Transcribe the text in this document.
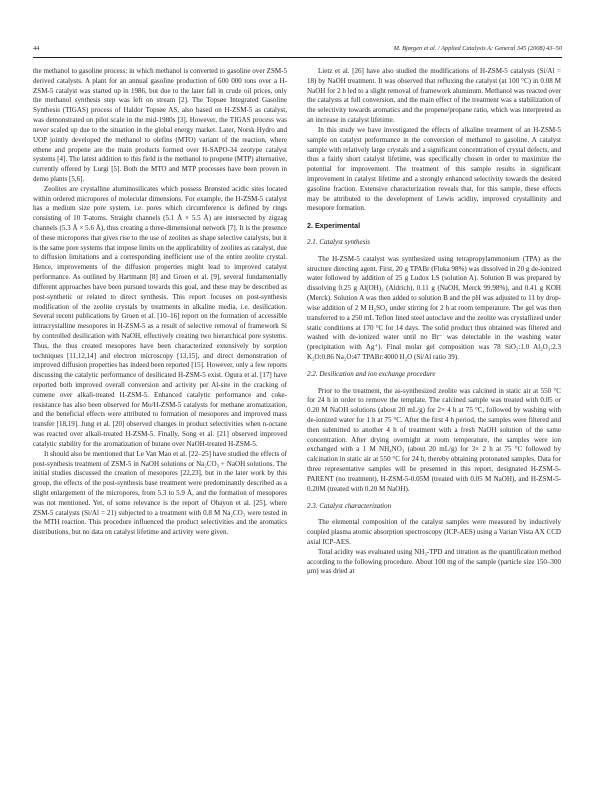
44	M. Bjørgen et al. / Applied Catalysis A: General 345 (2008) 43–50

the methanol to gasoline process; in which methanol is converted to gasoline over ZSM-5 derived catalysts. A plant for an annual gasoline production of 600 000 tons over a H-ZSM-5 catalyst was started up in 1986, but due to the later fall in crude oil prices, only the methanol synthesis step was left on stream [2]. The Topsøe Integrated Gasoline Synthesis (TIGAS) process of Haldor Topsøe AS, also based on H-ZSM-5 as catalyst, was demonstrated on pilot scale in the mid-1980s [3]. However, the TIGAS process was never scaled up due to the situation in the global energy market. Later, Norsk Hydro and UOP jointly developed the methanol to olefins (MTO) variant of the reaction, where ethene and propene are the main products formed over H-SAPO-34 zeotype catalyst systems [4]. The latest addition to this field is the methanol to propene (MTP) alternative, currently offered by Lurgi [5]. Both the MTO and MTP processes have been proven in demo plants [5,6].

Zeolites are crystalline aluminosilicates which possess Brønsted acidic sites located within ordered micropores of molecular dimensions. For example, the H-ZSM-5 catalyst has a medium size pore system, i.e. pores which circumference is defined by rings consisting of 10 T-atoms. Straight channels (5.1 Å × 5.5 Å) are intersected by zigzag channels (5.3 Å × 5.6 Å), thus creating a three-dimensional network [7]. It is the presence of these micropores that gives rise to the use of zeolites as shape selective catalysts, but it is the same pore systems that impose limits on the applicability of zeolites as catalyst, due to diffusion limitations and a corresponding inefficient use of the entire zeolite crystal. Hence, improvements of the diffusion properties might lead to improved catalyst performance. As outlined by Hartmann [8] and Groen et al. [9], several fundamentally different approaches have been pursued towards this goal, and these may be described as post-synthetic or related to direct synthesis. This report focuses on post-synthesis modification of the zeolite crystals by treatments in alkaline media, i.e. desilication. Several recent publications by Groen et al. [10–16] report on the formation of accessible intracrystalline mesopores in H-ZSM-5 as a result of selective removal of framework Si by controlled desilication with NaOH, effectively creating two hierarchical pore systems. Thus, the thus created mesopores have been characterized extensively by sorption techniques [11,12,14] and electron microscopy [13,15], and direct demonstration of improved diffusion properties has indeed been reported [15]. However, only a few reports discussing the catalytic performance of desilicated H-ZSM-5 exist. Ogura et al. [17] have reported both improved overall conversion and activity per Al-site in the cracking of cumene over alkali-treated H-ZSM-5. Enhanced catalytic performance and coke-resistance has also been observed for Mo/H-ZSM-5 catalysts for methane aromatization, and the beneficial effects were attributed to formation of mesopores and improved mass transfer [18,19]. Jung et al. [20] observed changes in product selectivities when n-octane was reacted over alkali-treated H-ZSM-5. Finally, Song et al. [21] observed improved catalytic stability for the aromatization of butane over NaOH-treated H-ZSM-5.

It should also be mentioned that Le Van Mao et al. [22–25] have studied the effects of post-synthesis treatment of ZSM-5 in NaOH solutions or Na₂CO₃ + NaOH solutions. The initial studies discussed the creation of mesopores [22,23], but in the later work by this group, the effects of the post-synthesis base treatment were predominantly described as a slight enlargement of the micropores, from 5.3 to 5.9 Å, and the formation of mesopores was not mentioned. Yet, of some relevance is the report of Ohayon et al. [25], where ZSM-5 catalysts (Si/Al = 21) subjected to a treatment with 0.8 M Na₂CO₃ were tested in the MTH reaction. This procedure influenced the product selectivities and the aromatics distributions, but no data on catalyst lifetime and activity were given.

Lietz et al. [26] have also studied the modifications of H-ZSM-5 catalysts (Si/Al = 18) by NaOH treatment. It was observed that refluxing the catalyst (at 100 °C) in 0.08 M NaOH for 2 h led to a slight removal of framework aluminum. Methanol was reacted over the catalysts at full conversion, and the main effect of the treatment was a stabilization of the selectivity towards aromatics and the propene/propane ratio, which was interpreted as an increase in catalyst lifetime.

In this study we have investigated the effects of alkaline treatment of an H-ZSM-5 sample on catalyst performance in the conversion of methanol to gasoline. A catalyst sample with relatively large crystals and a significant concentration of crystal defects, and thus a fairly short catalyst lifetime, was specifically chosen in order to maximize the potential for improvement. The treatment of this sample results in significant improvement in catalyst lifetime and a strongly enhanced selectivity towards the desired gasoline fraction. Extensive characterization reveals that, for this sample, these effects may be attributed to the development of Lewis acidity, improved crystallinity and mesopore formation.

2. Experimental
2.1. Catalyst synthesis

The H-ZSM-5 catalyst was synthesized using tetrapropylammonium (TPA) as the structure directing agent. First, 20 g TPABr (Fluka 98%) was dissolved in 20 g de-ionized water followed by addition of 25 g Ludox LS (solution A). Solution B was prepared by dissolving 0.25 g Al(OH)₃ (Aldrich), 0.11 g (NaOH, Merck 99.98%), and 0.41 g KOH (Merck). Solution A was then added to solution B and the pH was adjusted to 11 by drop-wise addition of 2 M H₂SO₄ under stirring for 2 h at room temperature. The gel was then transferred to a 250 mL Teflon lined steel autoclave and the zeolite was crystallized under static conditions at 170 °C for 14 days. The solid product thus obtained was filtered and washed with de-ionized water until no Br⁻ was detectable in the washing water (precipitation with Ag⁺). Final molar gel composition was 78 SiO₂:1.0 Al₂O₃:2.3 K₂O:0.86 Na₂O:47 TPABr:4000 H₂O (Si/Al ratio 39).

2.2. Desilication and ion exchange procedure

Prior to the treatment, the as-synthesized zeolite was calcined in static air at 550 °C for 24 h in order to remove the template. The calcined sample was treated with 0.05 or 0.20 M NaOH solutions (about 20 mL/g) for 2× 4 h at 75 °C, followed by washing with de-ionized water for 1 h at 75 °C. After the first 4 h period, the samples were filtered and then submitted to another 4 h of treatment with a fresh NaOH solution of the same concentration. After drying overnight at room temperature, the samples were ion exchanged with a 1 M NH₄NO₃ (about 20 mL/g) for 3× 2 h at 75 °C followed by calcination in static air at 550 °C for 24 h, thereby obtaining protonated samples. Data for three representative samples will be presented in this report, designated H-ZSM-5-PARENT (no treatment), H-ZSM-5-0.05M (treated with 0.05 M NaOH), and H-ZSM-5-0.20M (treated with 0.20 M NaOH).

2.3. Catalyst characterization

The elemental composition of the catalyst samples were measured by inductively coupled plasma atomic absorption spectroscopy (ICP-AES) using a Varian Vista AX CCD axial ICP-AES.

Total acidity was evaluated using NH₃-TPD and titration as the quantification method according to the following procedure. About 100 mg of the sample (particle size 150–300 μm) was dried at
